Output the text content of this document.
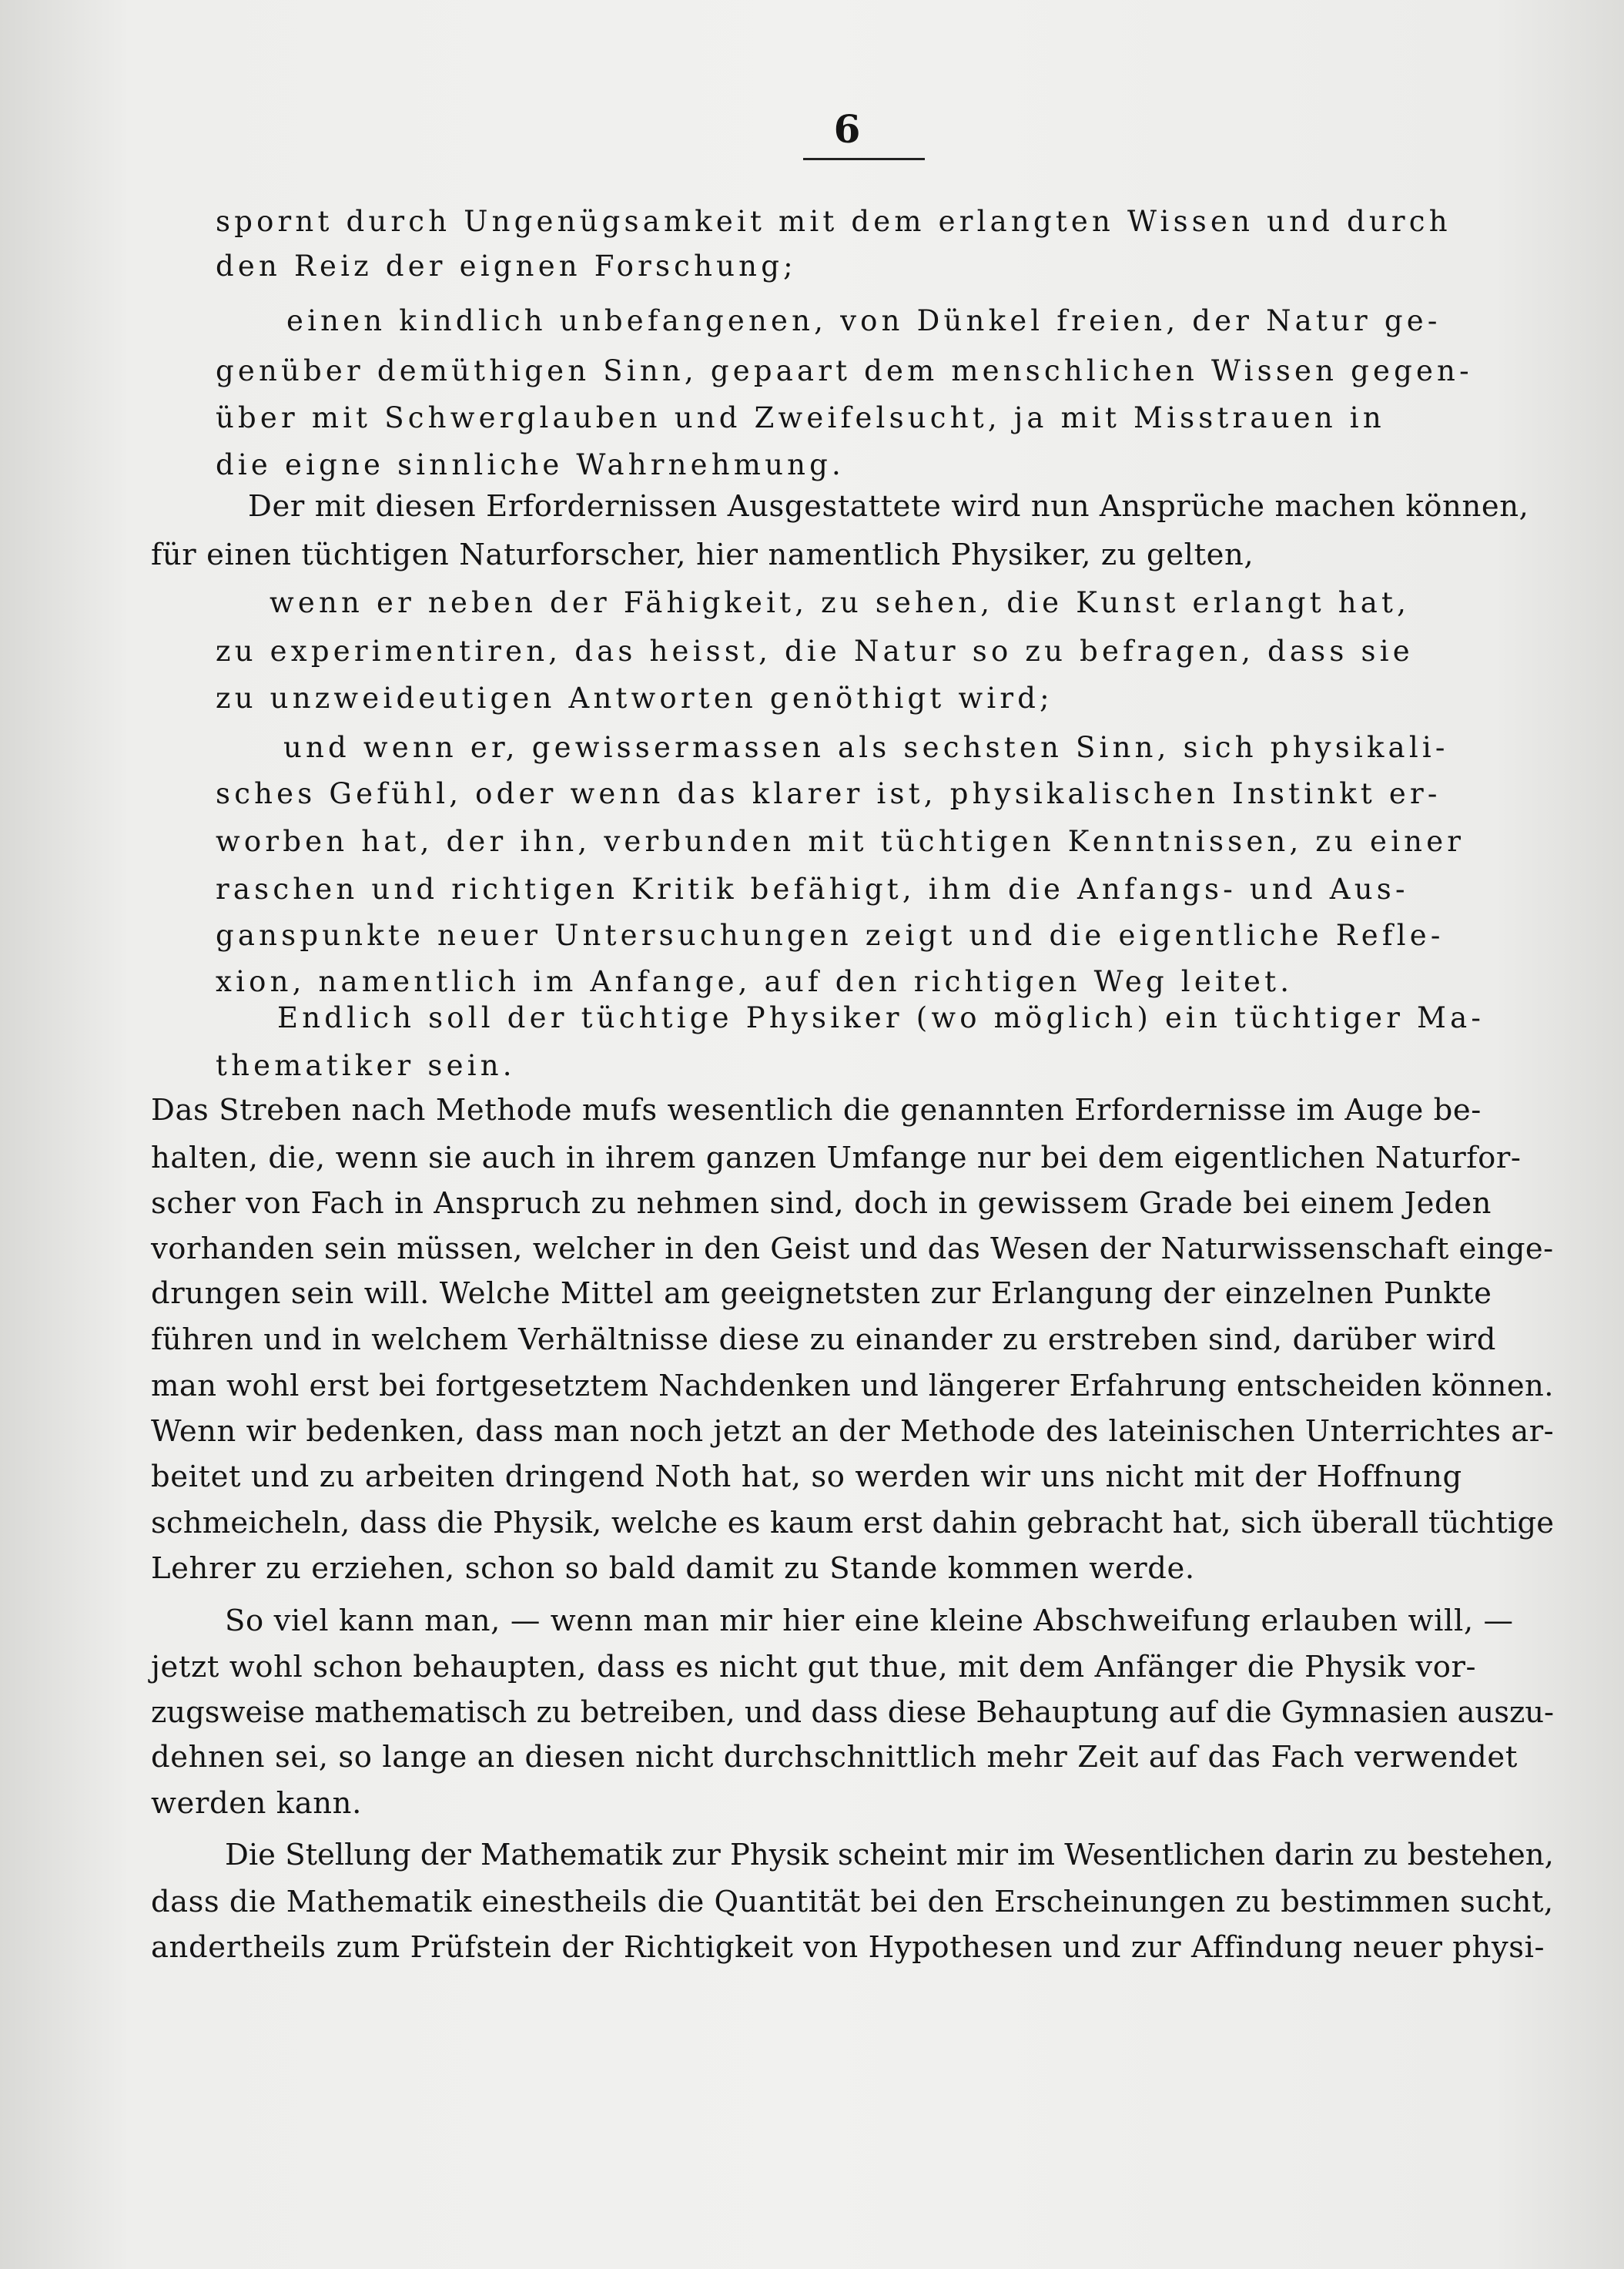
6
spornt durch Ungenügsamkeit mit dem erlangten Wissen und durch
den Reiz der eignen Forschung;
einen kindlich unbefangenen, von Dünkel freien, der Natur ge-
genüber demüthigen Sinn, gepaart dem menschlichen Wissen gegen-
über mit Schwerglauben und Zweifelsucht, ja mit Misstrauen in
die eigne sinnliche Wahrnehmung.
Der mit diesen Erfordernissen Ausgestattete wird nun Ansprüche machen können,
für einen tüchtigen Naturforscher, hier namentlich Physiker, zu gelten,
wenn er neben der Fähigkeit, zu sehen, die Kunst erlangt hat,
zu experimentiren, das heisst, die Natur so zu befragen, dass sie
zu unzweideutigen Antworten genöthigt wird;
und wenn er, gewissermassen als sechsten Sinn, sich physikali-
sches Gefühl, oder wenn das klarer ist, physikalischen Instinkt er-
worben hat, der ihn, verbunden mit tüchtigen Kenntnissen, zu einer
raschen und richtigen Kritik befähigt, ihm die Anfangs- und Aus-
ganspunkte neuer Untersuchungen zeigt und die eigentliche Refle-
xion, namentlich im Anfange, auf den richtigen Weg leitet.
Endlich soll der tüchtige Physiker (wo möglich) ein tüchtiger Ma-
thematiker sein.
Das Streben nach Methode mufs wesentlich die genannten Erfordernisse im Auge be-
halten, die, wenn sie auch in ihrem ganzen Umfange nur bei dem eigentlichen Naturfor-
scher von Fach in Anspruch zu nehmen sind, doch in gewissem Grade bei einem Jeden
vorhanden sein müssen, welcher in den Geist und das Wesen der Naturwissenschaft einge-
drungen sein will. Welche Mittel am geeignetsten zur Erlangung der einzelnen Punkte
führen und in welchem Verhältnisse diese zu einander zu erstreben sind, darüber wird
man wohl erst bei fortgesetztem Nachdenken und längerer Erfahrung entscheiden können.
Wenn wir bedenken, dass man noch jetzt an der Methode des lateinischen Unterrichtes ar-
beitet und zu arbeiten dringend Noth hat, so werden wir uns nicht mit der Hoffnung
schmeicheln, dass die Physik, welche es kaum erst dahin gebracht hat, sich überall tüchtige
Lehrer zu erziehen, schon so bald damit zu Stande kommen werde.
So viel kann man, — wenn man mir hier eine kleine Abschweifung erlauben will, —
jetzt wohl schon behaupten, dass es nicht gut thue, mit dem Anfänger die Physik vor-
zugsweise mathematisch zu betreiben, und dass diese Behauptung auf die Gymnasien auszu-
dehnen sei, so lange an diesen nicht durchschnittlich mehr Zeit auf das Fach verwendet
werden kann.
Die Stellung der Mathematik zur Physik scheint mir im Wesentlichen darin zu bestehen,
dass die Mathematik einestheils die Quantität bei den Erscheinungen zu bestimmen sucht,
andertheils zum Prüfstein der Richtigkeit von Hypothesen und zur Affindung neuer physi-
